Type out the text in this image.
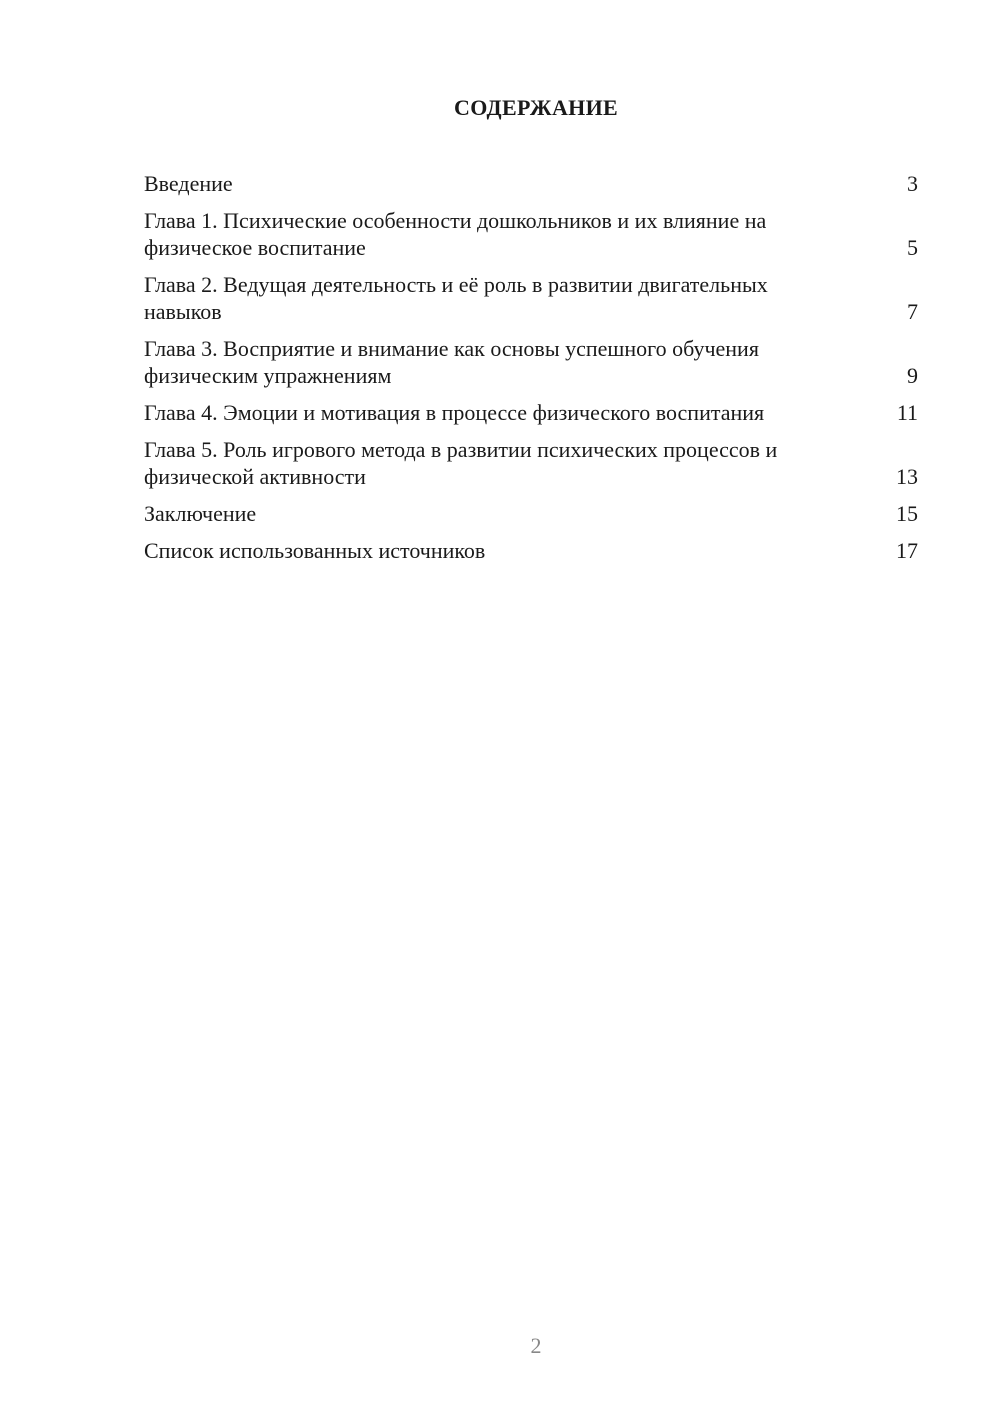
СОДЕРЖАНИЕ
Введение	3
Глава 1. Психические особенности дошкольников и их влияние на физическое воспитание	5
Глава 2. Ведущая деятельность и её роль в развитии двигательных навыков	7
Глава 3. Восприятие и внимание как основы успешного обучения физическим упражнениям	9
Глава 4. Эмоции и мотивация в процессе физического воспитания	11
Глава 5. Роль игрового метода в развитии психических процессов и физической активности	13
Заключение	15
Список использованных источников	17
2
